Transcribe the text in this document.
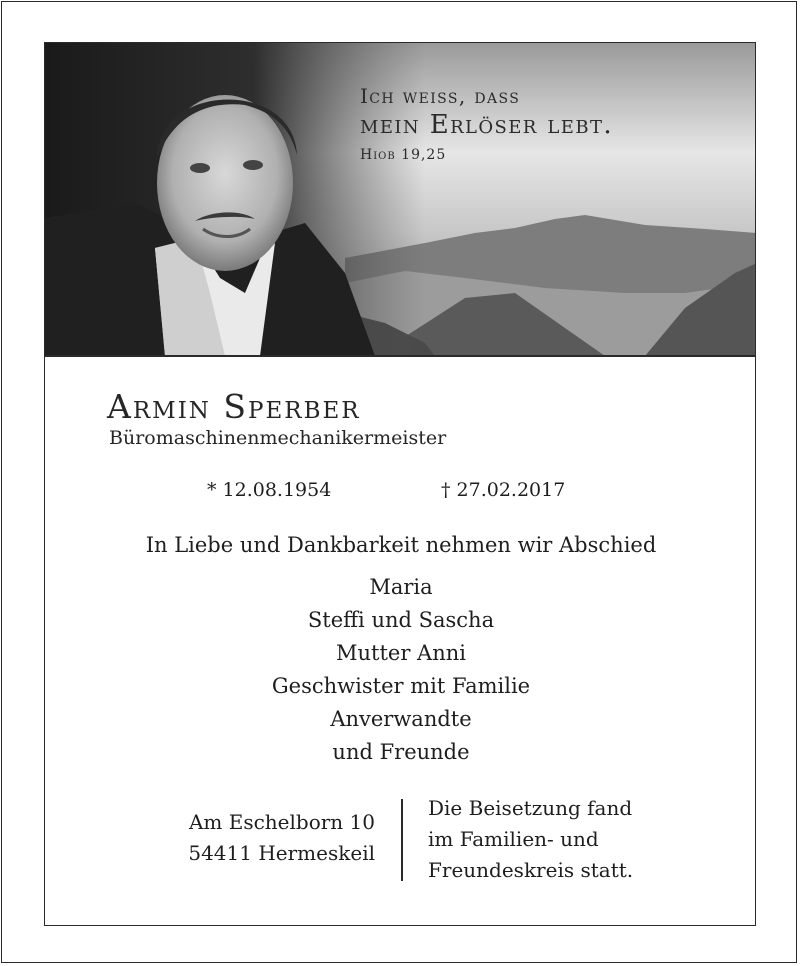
Ich weiss, dass
mein Erlöser lebt.
Hiob 19,25
Armin Sperber
Büromaschinenmechanikermeister
* 12.08.1954	† 27.02.2017
In Liebe und Dankbarkeit nehmen wir Abschied
Maria
Steffi und Sascha
Mutter Anni
Geschwister mit Familie
Anverwandte
und Freunde
Am Eschelborn 10
54411 Hermeskeil
Die Beisetzung fand
im Familien- und
Freundeskreis statt.
